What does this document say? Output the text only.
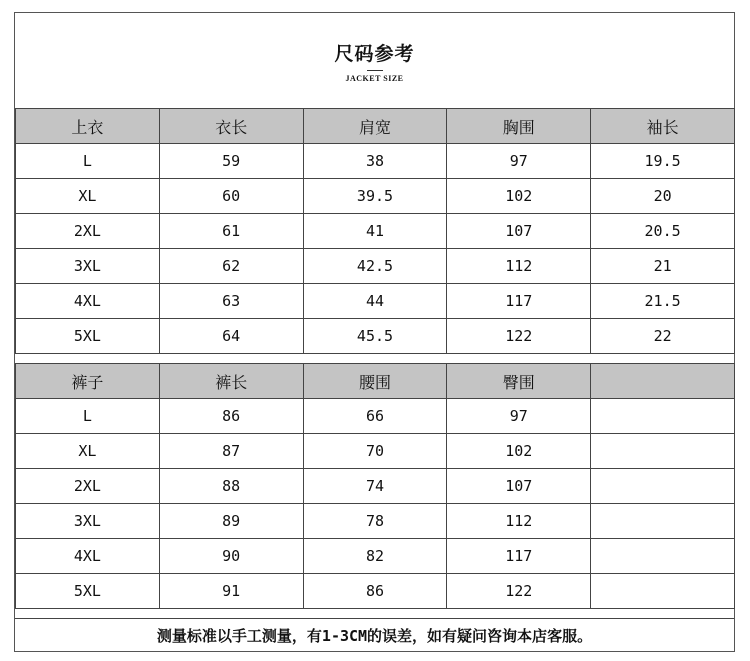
尺码参考
JACKET SIZE
上衣	衣长	肩宽	胸围	袖长
L	59	38	97	19.5
XL	60	39.5	102	20
2XL	61	41	107	20.5
3XL	62	42.5	112	21
4XL	63	44	117	21.5
5XL	64	45.5	122	22
裤子	裤长	腰围	臀围	
L	86	66	97	
XL	87	70	102	
2XL	88	74	107	
3XL	89	78	112	
4XL	90	82	117	
5XL	91	86	122	
测量标准以手工测量，有1-3CM的误差，如有疑问咨询本店客服。
